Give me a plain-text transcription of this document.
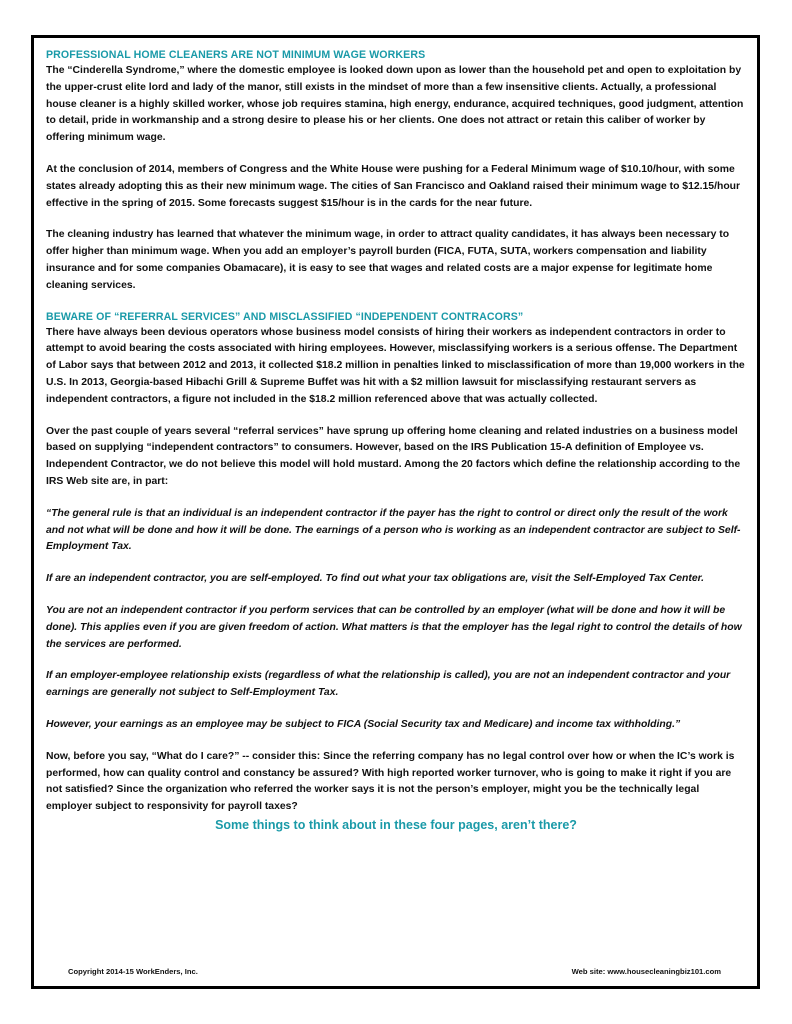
PROFESSIONAL HOME CLEANERS ARE NOT MINIMUM WAGE WORKERS

The “Cinderella Syndrome,” where the domestic employee is looked down upon as lower than the household pet and open to exploitation by the upper-crust elite lord and lady of the manor, still exists in the mindset of more than a few insensitive clients. Actually, a professional house cleaner is a highly skilled worker, whose job requires stamina, high energy, endurance, acquired techniques, good judgment, attention to detail, pride in workmanship and a strong desire to please his or her clients. One does not attract or retain this caliber of worker by offering minimum wage.

At the conclusion of 2014, members of Congress and the White House were pushing for a Federal Minimum wage of $10.10/hour, with some states already adopting this as their new minimum wage. The cities of San Francisco and Oakland raised their minimum wage to $12.15/hour effective in the spring of 2015. Some forecasts suggest $15/hour is in the cards for the near future.

The cleaning industry has learned that whatever the minimum wage, in order to attract quality candidates, it has always been necessary to offer higher than minimum wage. When you add an employer’s payroll burden (FICA, FUTA, SUTA, workers compensation and liability insurance and for some companies Obamacare), it is easy to see that wages and related costs are a major expense for legitimate home cleaning services.

BEWARE OF “REFERRAL SERVICES” AND MISCLASSIFIED “INDEPENDENT CONTRACORS”

There have always been devious operators whose business model consists of hiring their workers as independent contractors in order to attempt to avoid bearing the costs associated with hiring employees. However, misclassifying workers is a serious offense. The Department of Labor says that between 2012 and 2013, it collected $18.2 million in penalties linked to misclassification of more than 19,000 workers in the U.S. In 2013, Georgia-based Hibachi Grill & Supreme Buffet was hit with a $2 million lawsuit for misclassifying restaurant servers as independent contractors, a figure not included in the $18.2 million referenced above that was actually collected.

Over the past couple of years several “referral services” have sprung up offering home cleaning and related industries on a business model based on supplying “independent contractors” to consumers. However, based on the IRS Publication 15-A definition of Employee vs. Independent Contractor, we do not believe this model will hold mustard. Among the 20 factors which define the relationship according to the IRS Web site are, in part:

“The general rule is that an individual is an independent contractor if the payer has the right to control or direct only the result of the work and not what will be done and how it will be done. The earnings of a person who is working as an independent contractor are subject to Self-Employment Tax.

If are an independent contractor, you are self-employed. To find out what your tax obligations are, visit the Self-Employed Tax Center.

You are not an independent contractor if you perform services that can be controlled by an employer (what will be done and how it will be done). This applies even if you are given freedom of action. What matters is that the employer has the legal right to control the details of how the services are performed.

If an employer-employee relationship exists (regardless of what the relationship is called), you are not an independent contractor and your earnings are generally not subject to Self-Employment Tax.

However, your earnings as an employee may be subject to FICA (Social Security tax and Medicare) and income tax withholding.”

Now, before you say, “What do I care?” -- consider this: Since the referring company has no legal control over how or when the IC’s work is performed, how can quality control and constancy be assured? With high reported worker turnover, who is going to make it right if you are not satisfied? Since the organization who referred the worker says it is not the person’s employer, might you be the technically legal employer subject to responsivity for payroll taxes?

Some things to think about in these four pages, aren’t there?

Copyright 2014-15 WorkEnders, Inc.	Web site: www.housecleaningbiz101.com
